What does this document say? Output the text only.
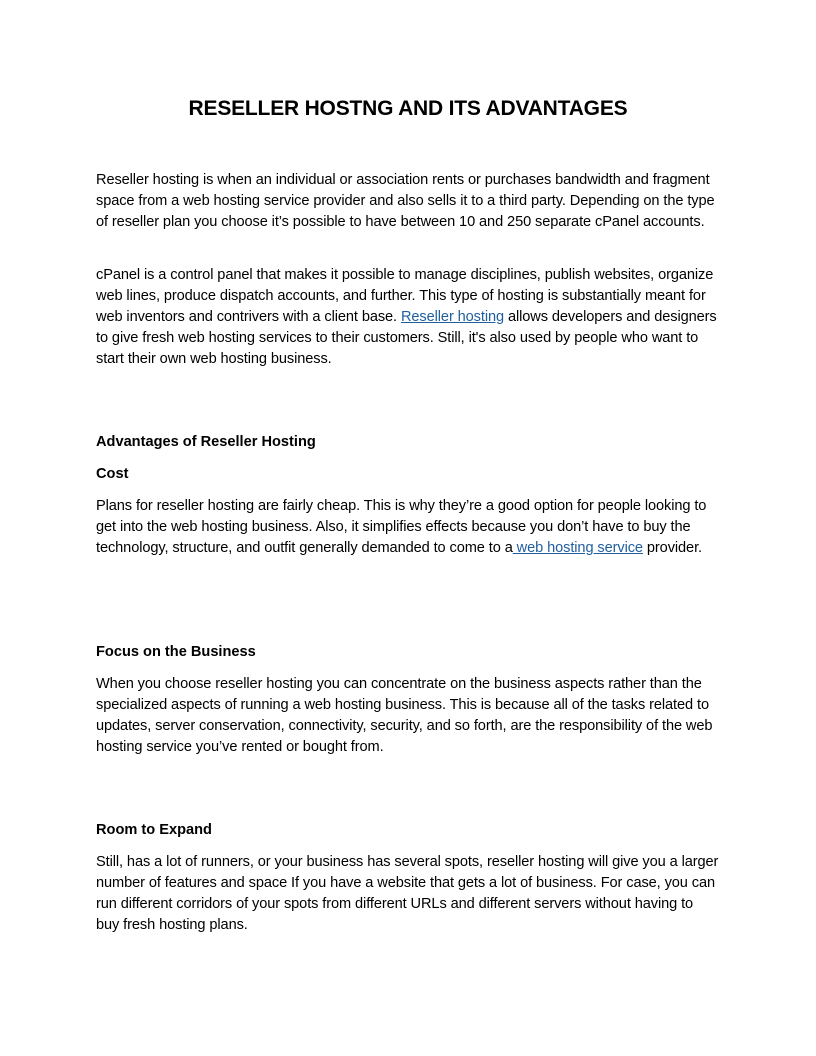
RESELLER HOSTNG AND ITS ADVANTAGES

Reseller hosting is when an individual or association rents or purchases bandwidth and fragment space from a web hosting service provider and also sells it to a third party. Depending on the type of reseller plan you choose it’s possible to have between 10 and 250 separate cPanel accounts.

cPanel is a control panel that makes it possible to manage disciplines, publish websites, organize web lines, produce dispatch accounts, and further. This type of hosting is substantially meant for web inventors and contrivers with a client base. Reseller hosting allows developers and designers to give fresh web hosting services to their customers. Still, it's also used by people who want to start their own web hosting business.

Advantages of Reseller Hosting
Cost

Plans for reseller hosting are fairly cheap. This is why they’re a good option for people looking to get into the web hosting business. Also, it simplifies effects because you don’t have to buy the technology, structure, and outfit generally demanded to come to a web hosting service provider.

Focus on the Business

When you choose reseller hosting you can concentrate on the business aspects rather than the specialized aspects of running a web hosting business. This is because all of the tasks related to updates, server conservation, connectivity, security, and so forth, are the responsibility of the web hosting service you’ve rented or bought from.

Room to Expand

Still, has a lot of runners, or your business has several spots, reseller hosting will give you a larger number of features and space If you have a website that gets a lot of business. For case, you can run different corridors of your spots from different URLs and different servers without having to buy fresh hosting plans.
